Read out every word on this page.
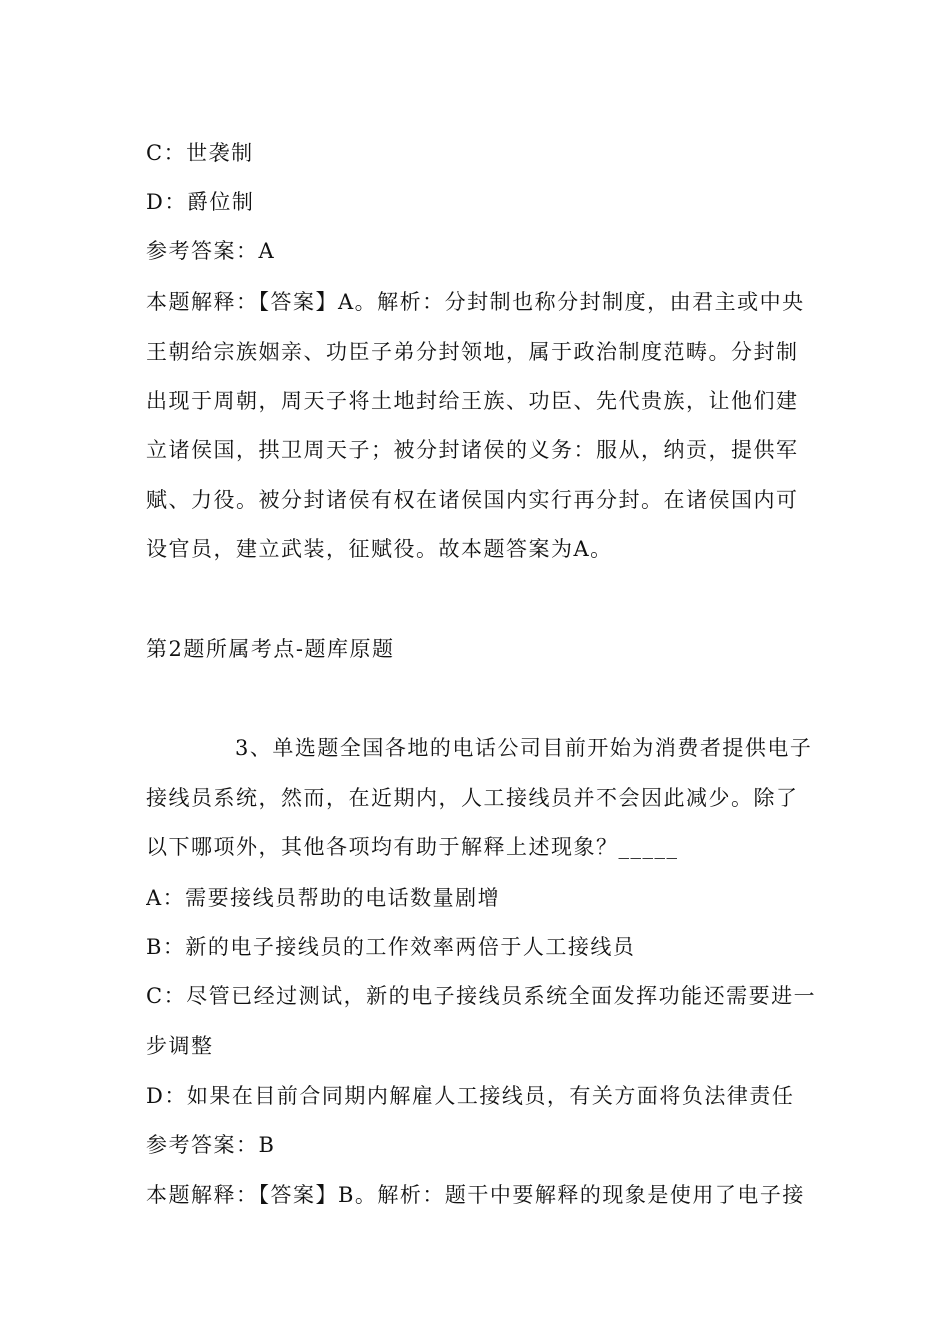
C：世袭制
D：爵位制
参考答案：A
本题解释：【答案】A。解析：分封制也称分封制度，由君主或中央
王朝给宗族姻亲、功臣子弟分封领地，属于政治制度范畴。分封制
出现于周朝，周天子将土地封给王族、功臣、先代贵族，让他们建
立诸侯国，拱卫周天子；被分封诸侯的义务：服从，纳贡，提供军
赋、力役。被分封诸侯有权在诸侯国内实行再分封。在诸侯国内可
设官员，建立武装，征赋役。故本题答案为A。
第2题所属考点-题库原题
3、单选题全国各地的电话公司目前开始为消费者提供电子
接线员系统，然而，在近期内，人工接线员并不会因此减少。除了
以下哪项外，其他各项均有助于解释上述现象？_____
A：需要接线员帮助的电话数量剧增
B：新的电子接线员的工作效率两倍于人工接线员
C：尽管已经过测试，新的电子接线员系统全面发挥功能还需要进一
步调整
D：如果在目前合同期内解雇人工接线员，有关方面将负法律责任
参考答案：B
本题解释：【答案】B。解析：题干中要解释的现象是使用了电子接
